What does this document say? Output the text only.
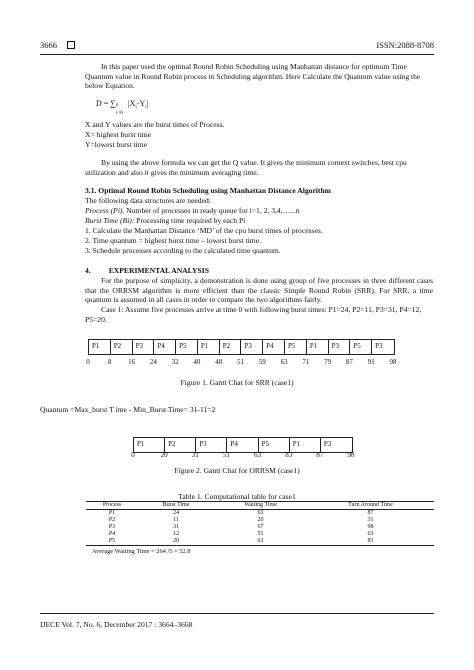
3666	ISSN:2088-8708
In this paper used the optimal Round Robin Scheduling using Manhattan distance for optimum Time Quantum value in Round Robin process in Scheduling algorithm. Here Calculate the Quantum value using the below Equation.
D = ∑ n
i=0
$|X_i-Y_i|$
X and Y values are the burst times of Process.
X= highest burst time
Y=lowest burst time
By using the above formula we can get the Q value. It gives the minimum context switches, best cpu utilization and also it gives the minimum averaging time.
3.1. Optimal Round Robin Scheduling using Manhattan Distance Algorithm
The following data structures are needed:
Process (Pi). Number of processes in ready queue for i=1, 2, 3,4,…...n
Burst Time (Bi): Processing time required by each Pi
1. Calculate the Manhattan Distance ‘MD’ of the cpu burst times of processes.
2. Time quantum = highest burst time – lowest burst time.
3. Schedule processes according to the calculated time quantum.
4. EXPERIMENTAL ANALYSIS
For the purpose of simplicity, a demonstration is done using group of five processes in three different cases that the ORRSM algorithm is more efficient than the classic Simple Round Robin (SRR). For SRR, a time quantum is assumed in all cases in order to compare the two algorithms fairly.
Case 1: Assume five processes arrive at time 0 with following burst times: P1=24, P2=11, P3=31, P4=12, P5=20.
P1	P2	P3	P4	P5	P1	P2	P3	P4	P5	P1	P3	P5	P3
0	8 16 24 32 40 48 51 59 63 71 79 87 91 98
Figure 1. Gantt Chat for SRR (case1)
Quantum =Max_burst T ime - Min_Burst Time= 31-11=2
P1	P2	P3	P4	P5	P1	P3
0	20	31	51	63	83	87	98
Figure 2. Gantt Chat for ORRSM (case1)
Table 1. Computational table for case1
Process	Burst Time	Waiting Time	Turn Around Time
P1	24	63	87
P2	11	20	31
P3	31	67	98
P4	12	51	63
P5	20	63	83
Average Waiting Time = 264 /5 = 52.8
IJECE Vol. 7, No. 6, December 2017 : 3664–3668
